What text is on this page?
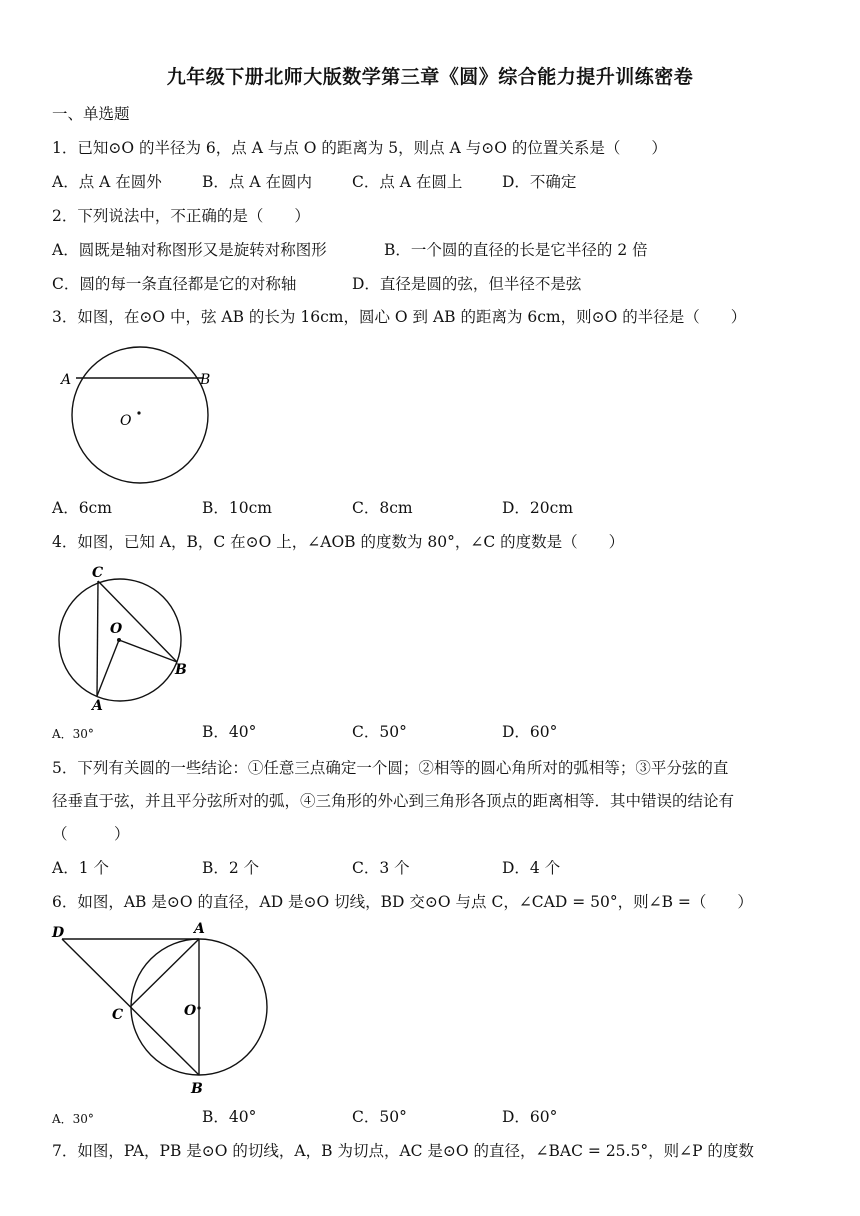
九年级下册北师大版数学第三章《圆》综合能力提升训练密卷
一、单选题
1．已知⊙O 的半径为 6，点 A 与点 O 的距离为 5，则点 A 与⊙O 的位置关系是（　　）
A．点 A 在圆外	B．点 A 在圆内	C．点 A 在圆上	D．不确定
2．下列说法中，不正确的是（　　）
A．圆既是轴对称图形又是旋转对称图形	B．一个圆的直径的长是它半径的 2 倍
C．圆的每一条直径都是它的对称轴	D．直径是圆的弦，但半径不是弦
3．如图，在⊙O 中，弦 AB 的长为 16cm，圆心 O 到 AB 的距离为 6cm，则⊙O 的半径是（　　）
A	B
O
A．6cm	B．10cm	C．8cm	D．20cm
4．如图，已知 A，B，C 在⊙O 上，∠AOB 的度数为 80°，∠C 的度数是（　　）
C
O
B
A
A．30°	B．40°	C．50°	D．60°
5．下列有关圆的一些结论：①任意三点确定一个圆；②相等的圆心角所对的弧相等；③平分弦的直
径垂直于弦，并且平分弦所对的弧，④三角形的外心到三角形各顶点的距离相等．其中错误的结论有
（　　　）
A．1 个	B．2 个	C．3 个	D．4 个
6．如图，AB 是⊙O 的直径，AD 是⊙O 切线，BD 交⊙O 与点 C，∠CAD = 50°，则∠B =（　　）
D	A
C	O
B
A．30°	B．40°	C．50°	D．60°
7．如图，PA，PB 是⊙O 的切线，A，B 为切点，AC 是⊙O 的直径，∠BAC = 25.5°，则∠P 的度数
